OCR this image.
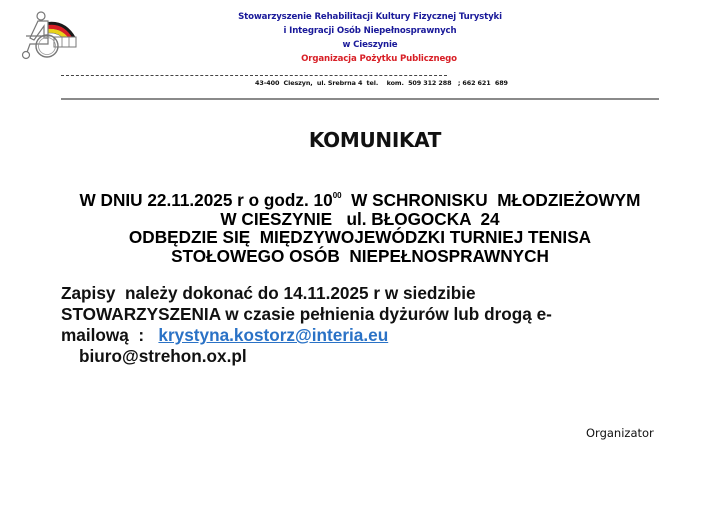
Stowarzyszenie Rehabilitacji Kultury Fizycznej Turystyki
i Integracji Osób Niepełnosprawnych
w Cieszynie
Organizacja Pożytku Publicznego
43-400  Cieszyn,  ul. Srebrna 4  tel.    kom.  509 312 288   ; 662 621  689
KOMUNIKAT
W DNIU 22.11.2025 r o godz. $10^{00}$  W SCHRONISKU  MŁODZIEŻOWYM
W CIESZYNIE   ul. BŁOGOCKA  24
ODBĘDZIE SIĘ  MIĘDZYWOJEWÓDZKI TURNIEJ TENISA
STOŁOWEGO OSÓB  NIEPEŁNOSPRAWNYCH
Zapisy  należy dokonać do 14.11.2025 r w siedzibie
STOWARZYSZENIA w czasie pełnienia dyżurów lub drogą e-
mailową  :   krystyna.kostorz@interia.eu
biuro@strehon.ox.pl
Organizator
